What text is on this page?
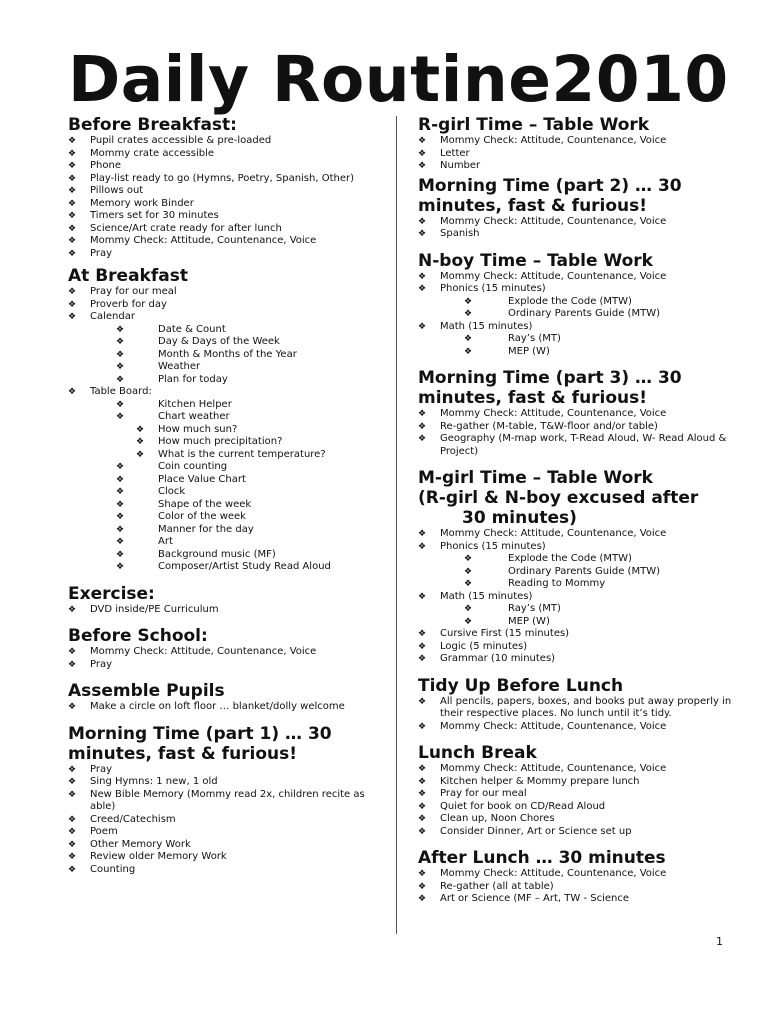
Daily Routine2010
Before Breakfast:
❖ Pupil crates accessible & pre-loaded
❖ Mommy crate accessible
❖ Phone
❖ Play-list ready to go (Hymns, Poetry, Spanish, Other)
❖ Pillows out
❖ Memory work Binder
❖ Timers set for 30 minutes
❖ Science/Art crate ready for after lunch
❖ Mommy Check: Attitude, Countenance, Voice
❖ Pray
At Breakfast
❖ Pray for our meal
❖ Proverb for day
❖ Calendar
❖	Date & Count
❖	Day & Days of the Week
❖	Month & Months of the Year
❖	Weather
❖	Plan for today
❖ Table Board:
❖	Kitchen Helper
❖	Chart weather
❖ How much sun?
❖ How much precipitation?
❖ What is the current temperature?
❖	Coin counting
❖	Place Value Chart
❖	Clock
❖	Shape of the week
❖	Color of the week
❖	Manner for the day
❖	Art
❖	Background music (MF)
❖	Composer/Artist Study Read Aloud
Exercise:
❖ DVD inside/PE Curriculum
Before School:
❖ Mommy Check: Attitude, Countenance, Voice
❖ Pray
Assemble Pupils
❖ Make a circle on loft floor … blanket/dolly welcome
Morning Time (part 1) … 30 minutes, fast & furious!
❖ Pray
❖ Sing Hymns: 1 new, 1 old
❖ New Bible Memory (Mommy read 2x, children recite as able)
❖ Creed/Catechism
❖ Poem
❖ Other Memory Work
❖ Review older Memory Work
❖ Counting
R-girl Time – Table Work
❖ Mommy Check: Attitude, Countenance, Voice
❖ Letter
❖ Number
Morning Time (part 2) … 30 minutes, fast & furious!
❖ Mommy Check: Attitude, Countenance, Voice
❖ Spanish
N-boy Time – Table Work
❖ Mommy Check: Attitude, Countenance, Voice
❖ Phonics (15 minutes)
❖	Explode the Code (MTW)
❖	Ordinary Parents Guide (MTW)
❖ Math (15 minutes)
❖	Ray’s (MT)
❖	MEP (W)
Morning Time (part 3) … 30 minutes, fast & furious!
❖ Mommy Check: Attitude, Countenance, Voice
❖ Re-gather (M-table, T&W-floor and/or table)
❖ Geography (M-map work, T-Read Aloud, W- Read Aloud & Project)
M-girl Time – Table Work
(R-girl & N-boy excused after
30 minutes)
❖ Mommy Check: Attitude, Countenance, Voice
❖ Phonics (15 minutes)
❖	Explode the Code (MTW)
❖	Ordinary Parents Guide (MTW)
❖	Reading to Mommy
❖ Math (15 minutes)
❖	Ray’s (MT)
❖	MEP (W)
❖ Cursive First (15 minutes)
❖ Logic (5 minutes)
❖ Grammar (10 minutes)
Tidy Up Before Lunch
❖ All pencils, papers, boxes, and books put away properly in their respective places. No lunch until it’s tidy.
❖ Mommy Check: Attitude, Countenance, Voice
Lunch Break
❖ Mommy Check: Attitude, Countenance, Voice
❖ Kitchen helper & Mommy prepare lunch
❖ Pray for our meal
❖ Quiet for book on CD/Read Aloud
❖ Clean up, Noon Chores
❖ Consider Dinner, Art or Science set up
After Lunch … 30 minutes
❖ Mommy Check: Attitude, Countenance, Voice
❖ Re-gather (all at table)
❖ Art or Science (MF – Art, TW - Science
1
